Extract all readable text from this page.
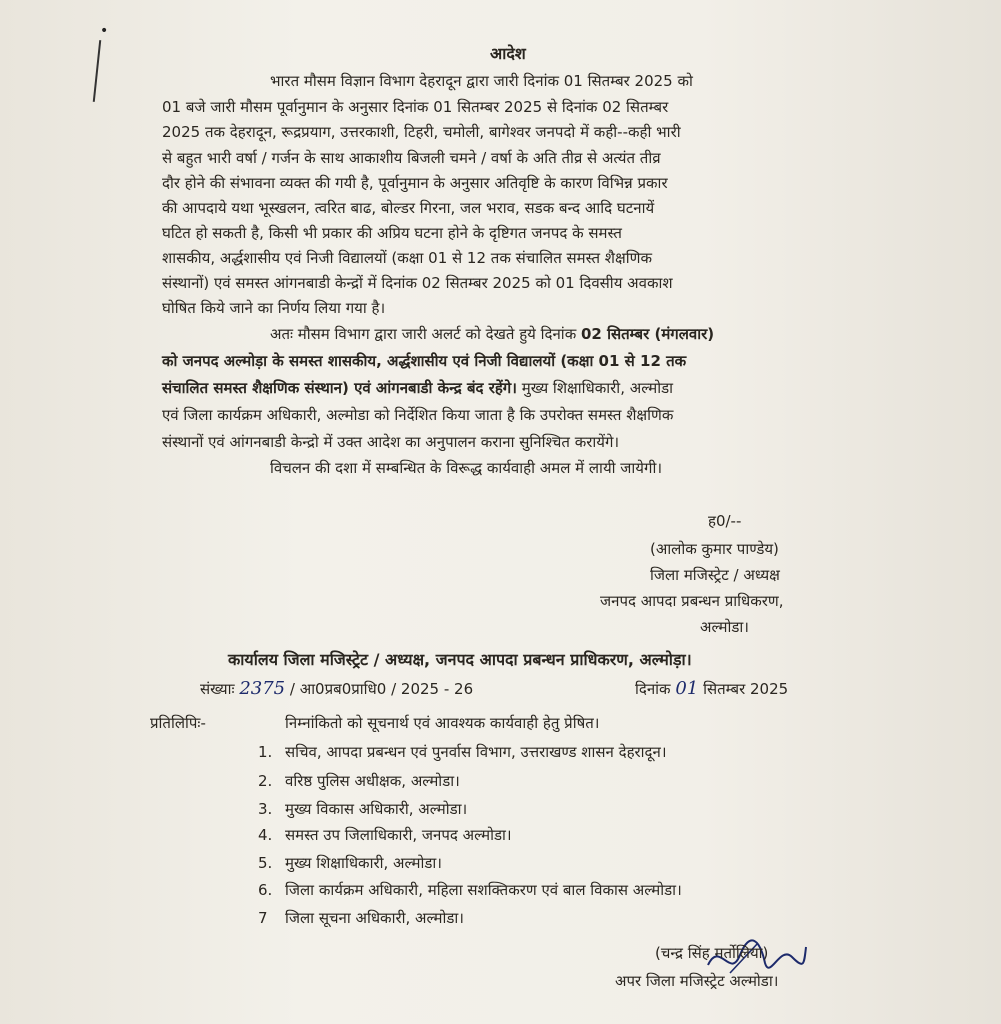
•
आदेश
भारत मौसम विज्ञान विभाग देहरादून द्वारा जारी दिनांक 01 सितम्बर 2025 को
01 बजे जारी मौसम पूर्वानुमान के अनुसार दिनांक 01 सितम्बर 2025 से दिनांक 02 सितम्बर
2025 तक देहरादून, रूद्रप्रयाग, उत्तरकाशी, टिहरी, चमोली, बागेश्वर जनपदो में कही--कही भारी
से बहुत भारी वर्षा / गर्जन के साथ आकाशीय बिजली चमने / वर्षा के अति तीव्र से अत्यंत तीव्र
दौर होने की संभावना व्यक्त की गयी है, पूर्वानुमान के अनुसार अतिवृष्टि के कारण विभिन्न प्रकार
की आपदाये यथा भूस्खलन, त्वरित बाढ, बोल्डर गिरना, जल भराव, सडक बन्द आदि घटनायें
घटित हो सकती है, किसी भी प्रकार की अप्रिय घटना होने के दृष्टिगत जनपद के समस्त
शासकीय, अर्द्धशासीय एवं निजी विद्यालयों (कक्षा 01 से 12 तक संचालित समस्त शैक्षणिक
संस्थानों) एवं समस्त आंगनबाडी केन्द्रों में दिनांक 02 सितम्बर 2025 को 01 दिवसीय अवकाश
घोषित किये जाने का निर्णय लिया गया है।
अतः मौसम विभाग द्वारा जारी अलर्ट को देखते हुये दिनांक 02 सितम्बर (मंगलवार)
को जनपद अल्मोड़ा के समस्त शासकीय, अर्द्धशासीय एवं निजी विद्यालयों (कक्षा 01 से 12 तक
संचालित समस्त शैक्षणिक संस्थान) एवं आंगनबाडी केन्द्र बंद रहेंगे। मुख्य शिक्षाधिकारी, अल्मोडा
एवं जिला कार्यक्रम अधिकारी, अल्मोडा को निर्देशित किया जाता है कि उपरोक्त समस्त शैक्षणिक
संस्थानों एवं आंगनबाडी केन्द्रो में उक्त आदेश का अनुपालन कराना सुनिश्चित करायेंगे।
विचलन की दशा में सम्बन्धित के विरूद्ध कार्यवाही अमल में लायी जायेगी।
ह0/--
(आलोक कुमार पाण्डेय)
जिला मजिस्ट्रेट / अध्यक्ष
जनपद आपदा प्रबन्धन प्राधिकरण,
अल्मोडा।
कार्यालय जिला मजिस्ट्रेट / अध्यक्ष, जनपद आपदा प्रबन्धन प्राधिकरण, अल्मोड़ा।
संख्याः 2375 / आ0प्रब0प्राधि0 / 2025 - 26	दिनांक 01 सितम्बर 2025
प्रतिलिपिः-	निम्नांकितो को सूचनार्थ एवं आवश्यक कार्यवाही हेतु प्रेषित।
1. सचिव, आपदा प्रबन्धन एवं पुनर्वास विभाग, उत्तराखण्ड शासन देहरादून।
2. वरिष्ठ पुलिस अधीक्षक, अल्मोडा।
3. मुख्य विकास अधिकारी, अल्मोडा।
4. समस्त उप जिलाधिकारी, जनपद अल्मोडा।
5. मुख्य शिक्षाधिकारी, अल्मोडा।
6. जिला कार्यक्रम अधिकारी, महिला सशक्तिकरण एवं बाल विकास अल्मोडा।
7 जिला सूचना अधिकारी, अल्मोडा।
(चन्द्र सिंह मर्तोलिया)
अपर जिला मजिस्ट्रेट अल्मोडा।
